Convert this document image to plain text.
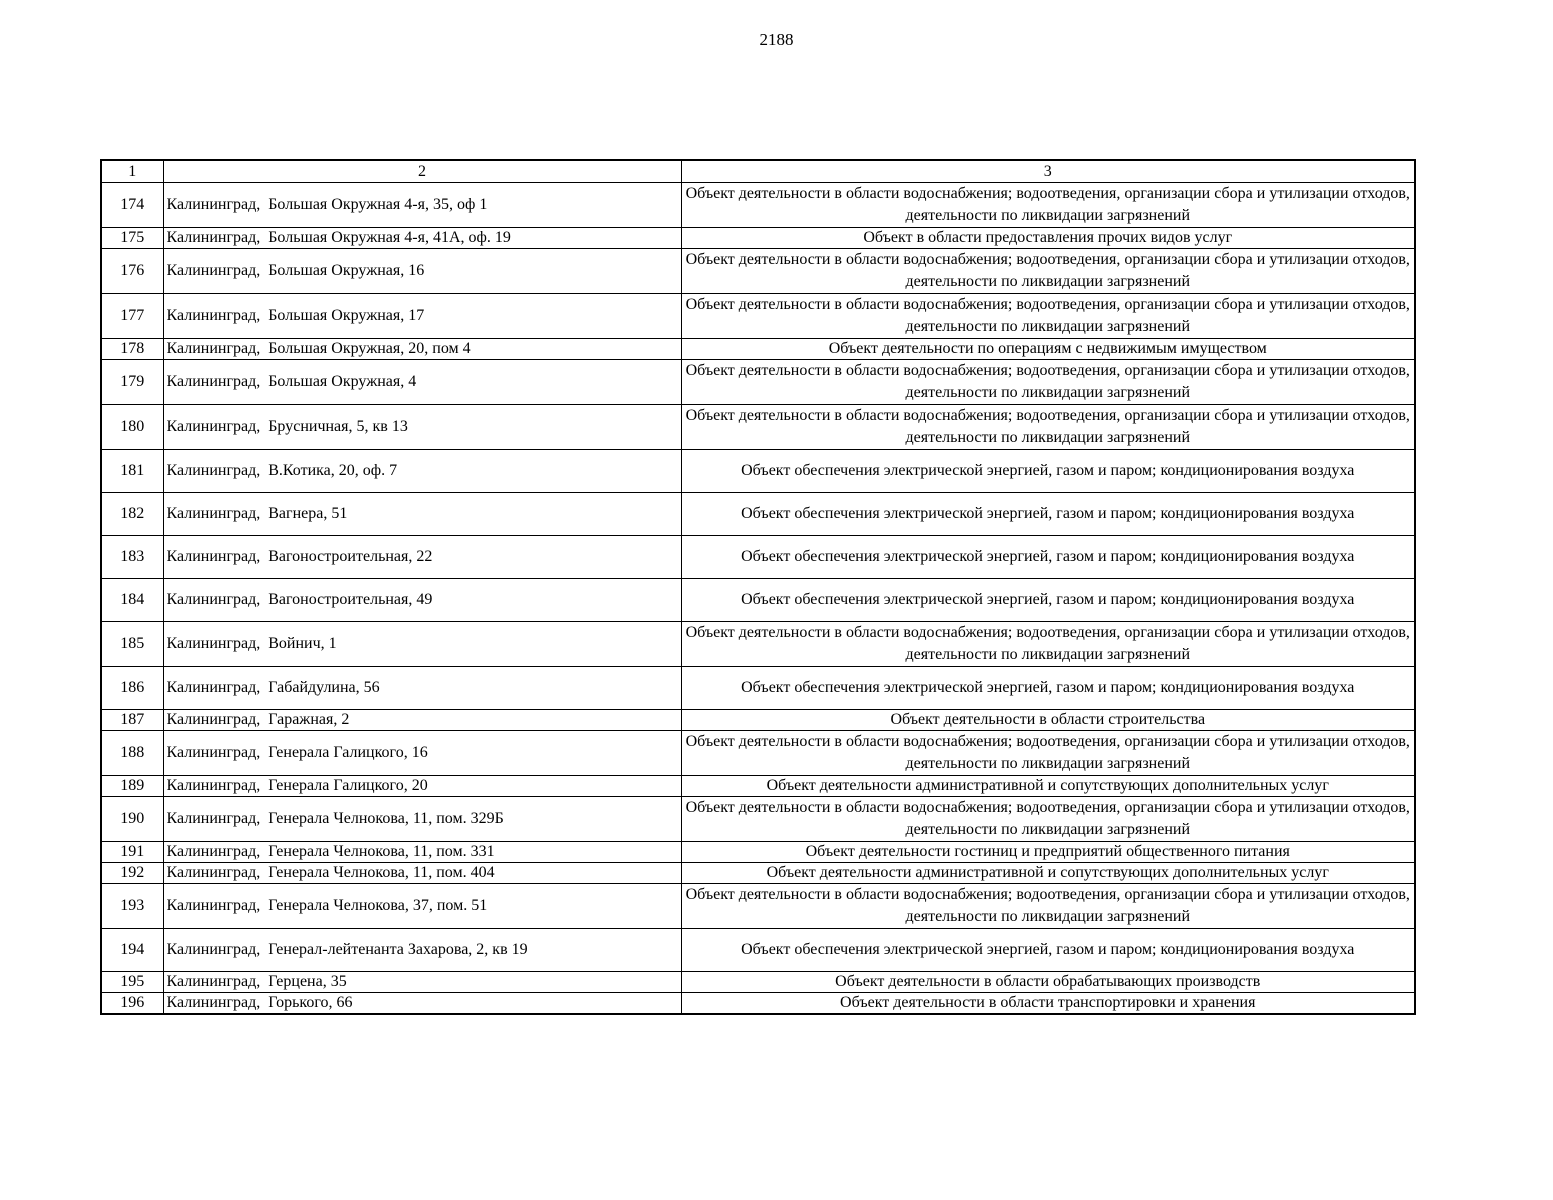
2188
1	2	3
174	Калининград,  Большая Окружная 4-я, 35, оф 1	Объект деятельности в области водоснабжения; водоотведения, организации сбора и утилизации отходов, деятельности по ликвидации загрязнений
175	Калининград,  Большая Окружная 4-я, 41А, оф. 19	Объект в области предоставления прочих видов услуг
176	Калининград,  Большая Окружная, 16	Объект деятельности в области водоснабжения; водоотведения, организации сбора и утилизации отходов, деятельности по ликвидации загрязнений
177	Калининград,  Большая Окружная, 17	Объект деятельности в области водоснабжения; водоотведения, организации сбора и утилизации отходов, деятельности по ликвидации загрязнений
178	Калининград,  Большая Окружная, 20, пом 4	Объект деятельности по операциям с недвижимым имуществом
179	Калининград,  Большая Окружная, 4	Объект деятельности в области водоснабжения; водоотведения, организации сбора и утилизации отходов, деятельности по ликвидации загрязнений
180	Калининград,  Брусничная, 5, кв 13	Объект деятельности в области водоснабжения; водоотведения, организации сбора и утилизации отходов, деятельности по ликвидации загрязнений
181	Калининград,  В.Котика, 20, оф. 7	Объект обеспечения электрической энергией, газом и паром; кондиционирования воздуха
182	Калининград,  Вагнера, 51	Объект обеспечения электрической энергией, газом и паром; кондиционирования воздуха
183	Калининград,  Вагоностроительная, 22	Объект обеспечения электрической энергией, газом и паром; кондиционирования воздуха
184	Калининград,  Вагоностроительная, 49	Объект обеспечения электрической энергией, газом и паром; кондиционирования воздуха
185	Калининград,  Войнич, 1	Объект деятельности в области водоснабжения; водоотведения, организации сбора и утилизации отходов, деятельности по ликвидации загрязнений
186	Калининград,  Габайдулина, 56	Объект обеспечения электрической энергией, газом и паром; кондиционирования воздуха
187	Калининград,  Гаражная, 2	Объект деятельности в области строительства
188	Калининград,  Генерала Галицкого, 16	Объект деятельности в области водоснабжения; водоотведения, организации сбора и утилизации отходов, деятельности по ликвидации загрязнений
189	Калининград,  Генерала Галицкого, 20	Объект деятельности административной и сопутствующих дополнительных услуг
190	Калининград,  Генерала Челнокова, 11, пом. 329Б	Объект деятельности в области водоснабжения; водоотведения, организации сбора и утилизации отходов, деятельности по ликвидации загрязнений
191	Калининград,  Генерала Челнокова, 11, пом. 331	Объект деятельности гостиниц и предприятий общественного питания
192	Калининград,  Генерала Челнокова, 11, пом. 404	Объект деятельности административной и сопутствующих дополнительных услуг
193	Калининград,  Генерала Челнокова, 37, пом. 51	Объект деятельности в области водоснабжения; водоотведения, организации сбора и утилизации отходов, деятельности по ликвидации загрязнений
194	Калининград,  Генерал-лейтенанта Захарова, 2, кв 19	Объект обеспечения электрической энергией, газом и паром; кондиционирования воздуха
195	Калининград,  Герцена, 35	Объект деятельности в области обрабатывающих производств
196	Калининград,  Горького, 66	Объект деятельности в области транспортировки и хранения
